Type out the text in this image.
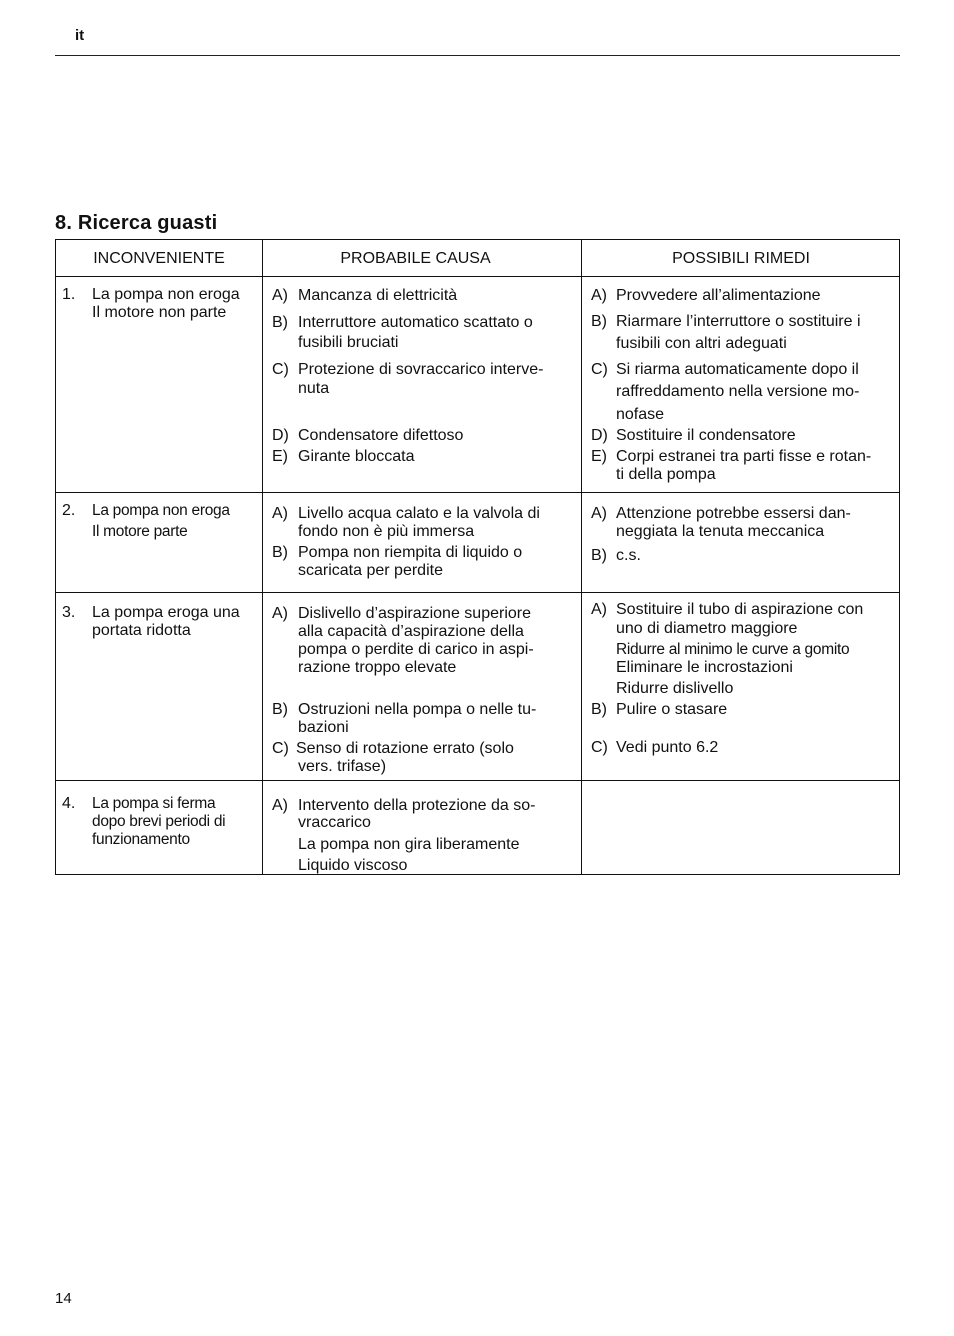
it
8. Ricerca guasti
INCONVENIENTE	PROBABILE CAUSA	POSSIBILI RIMEDI
1. La pompa non eroga
Il motore non parte
A) Mancanza di elettricità
B) Interruttore automatico scattato o
fusibili bruciati
C) Protezione di sovraccarico interve-
nuta
D) Condensatore difettoso
E) Girante bloccata
A) Provvedere all’alimentazione
B) Riarmare l’interruttore o sostituire i
fusibili con altri adeguati
C) Si riarma automaticamente dopo il
raffreddamento nella versione mo-
nofase
D) Sostituire il condensatore
E) Corpi estranei tra parti fisse e rotan-
ti della pompa
2. La pompa non eroga
Il motore parte
A) Livello acqua calato e la valvola di
fondo non è più immersa
B) Pompa non riempita di liquido o
scaricata per perdite
A) Attenzione potrebbe essersi dan-
neggiata la tenuta meccanica
B) c.s.
3. La pompa eroga una
portata ridotta
A) Dislivello d’aspirazione superiore
alla capacità d’aspirazione della
pompa o perdite di carico in aspi-
razione troppo elevate
B) Ostruzioni nella pompa o nelle tu-
bazioni
C) Senso di rotazione errato (solo
vers. trifase)
A) Sostituire il tubo di aspirazione con
uno di diametro maggiore
Ridurre al minimo le curve a gomito
Eliminare le incrostazioni
Ridurre dislivello
B) Pulire o stasare
C) Vedi punto 6.2
4. La pompa si ferma
dopo brevi periodi di
funzionamento
A) Intervento della protezione da so-
vraccarico
La pompa non gira liberamente
Liquido viscoso
14
